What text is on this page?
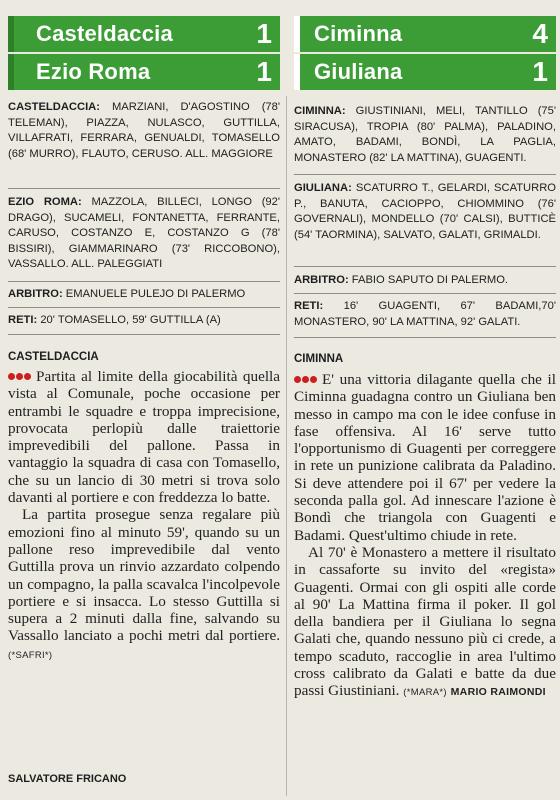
Casteldaccia	1
Ezio Roma	1
CASTELDACCIA: MARZIANI, D'AGOSTINO (78' TELEMAN), PIAZZA, NULASCO, GUTTILLA, VILLAFRATI, FERRARA, GENUALDI, TOMASELLO (68' MURRO), FLAUTO, CERUSO. ALL. MAGGIORE
EZIO ROMA: MAZZOLA, BILLECI, LONGO (92' DRAGO), SUCAMELI, FONTANETTA, FERRANTE, CARUSO, COSTANZO E, COSTANZO G (78' BISSIRI), GIAMMARINARO (73' RICCOBONO), VASSALLO. ALL. PALEGGIATI
ARBITRO: EMANUELE PULEJO DI PALERMO
RETI: 20' TOMASELLO, 59' GUTTILLA (A)
CASTELDACCIA

Partita al limite della giocabilità quella vista al Comunale, poche occasione per entrambi le squadre e troppa imprecisione, provocata perlopiù dalle traiettorie imprevedibili del pallone. Passa in vantaggio la squadra di casa con Tomasello, che su un lancio di 30 metri si trova solo davanti al portiere e con freddezza lo batte.

La partita prosegue senza regalare più emozioni fino al minuto 59', quando su un pallone reso imprevedibile dal vento Guttilla prova un rinvio azzardato colpendo un compagno, la palla scavalca l'incolpevole portiere e si insacca. Lo stesso Guttilla si supera a 2 minuti dalla fine, salvando su Vassallo lanciato a pochi metri dal portiere. (*SAFRI*)

SALVATORE FRICANO
Ciminna	4
Giuliana	1
CIMINNA: GIUSTINIANI, MELI, TANTILLO (75' SIRACUSA), TROPIA (80' PALMA), PALADINO, AMATO, BADAMI, BONDÌ, LA PAGLIA, MONASTERO (82' LA MATTINA), GUAGENTI.
GIULIANA: SCATURRO T., GELARDI, SCATURRO P., BANUTA, CACIOPPO, CHIOMMINO (76' GOVERNALI), MONDELLO (70' CALSI), BUTTICÈ (54' TAORMINA), SALVATO, GALATI, GRIMALDI.
ARBITRO: FABIO SAPUTO DI PALERMO.
RETI: 16' GUAGENTI, 67' BADAMI,70' MONASTERO, 90' LA MATTINA, 92' GALATI.
CIMINNA

E' una vittoria dilagante quella che il Ciminna guadagna contro un Giuliana ben messo in campo ma con le idee confuse in fase offensiva. Al 16' serve tutto l'opportunismo di Guagenti per correggere in rete un punizione calibrata da Paladino. Si deve attendere poi il 67' per vedere la seconda palla gol. Ad innescare l'azione è Bondì che triangola con Guagenti e Badami. Quest'ultimo chiude in rete.

Al 70' è Monastero a mettere il risultato in cassaforte su invito del «regista» Guagenti. Ormai con gli ospiti alle corde al 90' La Mattina firma il poker. Il gol della bandiera per il Giuliana lo segna Galati che, quando nessuno più ci crede, a tempo scaduto, raccoglie in area l'ultimo cross calibrato da Galati e batte da due passi Giustiniani. (*MARA*) MARIO RAIMONDI
